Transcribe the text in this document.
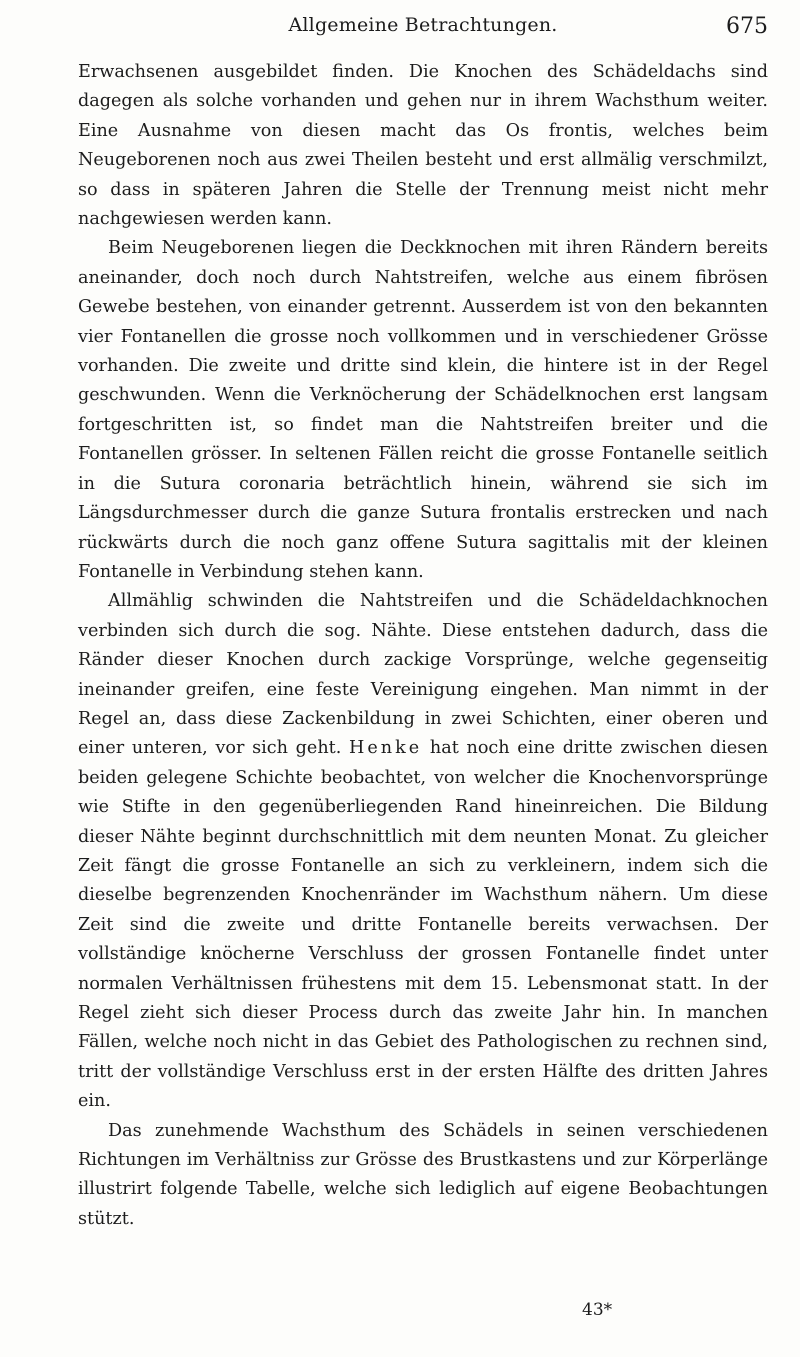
Allgemeine Betrachtungen.	675

Erwachsenen ausgebildet finden. Die Knochen des Schädeldachs sind dagegen als solche vorhanden und gehen nur in ihrem Wachsthum weiter. Eine Ausnahme von diesen macht das Os frontis, welches beim Neugeborenen noch aus zwei Theilen besteht und erst allmälig verschmilzt, so dass in späteren Jahren die Stelle der Trennung meist nicht mehr nachgewiesen werden kann.

Beim Neugeborenen liegen die Deckknochen mit ihren Rändern bereits aneinander, doch noch durch Nahtstreifen, welche aus einem fibrösen Gewebe bestehen, von einander getrennt. Ausserdem ist von den bekannten vier Fontanellen die grosse noch vollkommen und in verschiedener Grösse vorhanden. Die zweite und dritte sind klein, die hintere ist in der Regel geschwunden. Wenn die Verknöcherung der Schädelknochen erst langsam fortgeschritten ist, so findet man die Nahtstreifen breiter und die Fontanellen grösser. In seltenen Fällen reicht die grosse Fontanelle seitlich in die Sutura coronaria beträchtlich hinein, während sie sich im Längsdurchmesser durch die ganze Sutura frontalis erstrecken und nach rückwärts durch die noch ganz offene Sutura sagittalis mit der kleinen Fontanelle in Verbindung stehen kann.

Allmählig schwinden die Nahtstreifen und die Schädeldachknochen verbinden sich durch die sog. Nähte. Diese entstehen dadurch, dass die Ränder dieser Knochen durch zackige Vorsprünge, welche gegenseitig ineinander greifen, eine feste Vereinigung eingehen. Man nimmt in der Regel an, dass diese Zackenbildung in zwei Schichten, einer oberen und einer unteren, vor sich geht. Henke hat noch eine dritte zwischen diesen beiden gelegene Schichte beobachtet, von welcher die Knochenvorsprünge wie Stifte in den gegenüberliegenden Rand hineinreichen. Die Bildung dieser Nähte beginnt durchschnittlich mit dem neunten Monat. Zu gleicher Zeit fängt die grosse Fontanelle an sich zu verkleinern, indem sich die dieselbe begrenzenden Knochenränder im Wachsthum nähern. Um diese Zeit sind die zweite und dritte Fontanelle bereits verwachsen. Der vollständige knöcherne Verschluss der grossen Fontanelle findet unter normalen Verhältnissen frühestens mit dem 15. Lebensmonat statt. In der Regel zieht sich dieser Process durch das zweite Jahr hin. In manchen Fällen, welche noch nicht in das Gebiet des Pathologischen zu rechnen sind, tritt der vollständige Verschluss erst in der ersten Hälfte des dritten Jahres ein.

Das zunehmende Wachsthum des Schädels in seinen verschiedenen Richtungen im Verhältniss zur Grösse des Brustkastens und zur Körperlänge illustrirt folgende Tabelle, welche sich lediglich auf eigene Beobachtungen stützt.

43*
